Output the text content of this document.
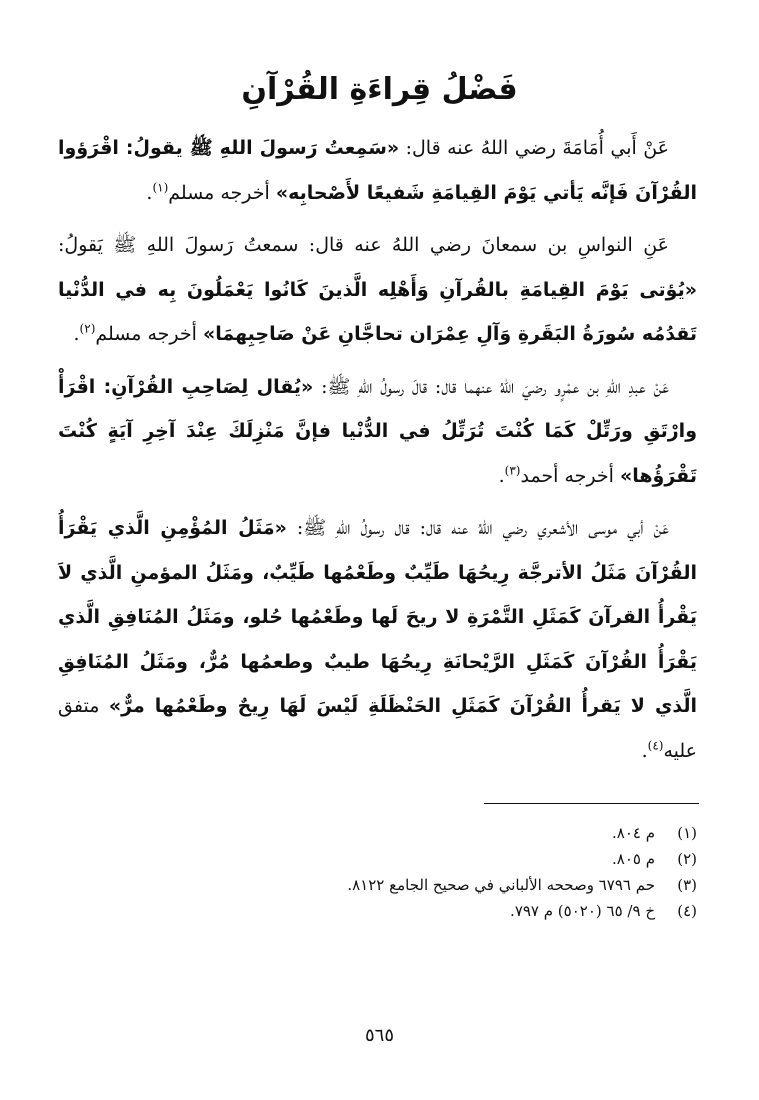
فَضْلُ قِراءَةِ القُرْآنِ

عَنْ أَبي أُمَامَةَ رضي اللهُ عنه قال: «سَمِعتُ رَسولَ اللهِ ﷺ يقولُ: اقْرَؤوا القُرْآنَ فَإنَّه يَأتي يَوْمَ القِيامَةِ شَفيعًا لأَصْحابِه» أخرجه مسلم$^{(١)}$.

عَنِ النواسِ بن سمعانَ رضي اللهُ عنه قال: سمعتُ رَسولَ اللهِ ﷺ يَقولُ: «يُؤتى يَوْمَ القِيامَةِ بالقُرآنِ وَأَهْلِه الَّذينَ كَانُوا يَعْمَلُونَ بِه في الدُّنْيا تَقدُمُه سُورَةُ البَقَرةِ وَآلِ عِمْرَان تحاجَّانِ عَنْ صَاحِبِهمَا» أخرجه مسلم$^{(٢)}$.

عَنْ عبدِ اللهِ بن عمْرٍو رضيَ اللهُ عنهما قال: قالَ رسولُ اللهِ ﷺ: «يُقال لِصَاحِبِ القُرْآنِ: اقْرَأْ وارْتَقِ ورَتِّلْ كَمَا كُنْتَ تُرَتِّلُ في الدُّنْيا فإنَّ مَنْزِلَكَ عِنْدَ آخِرِ آيَةٍ كُنْتَ تَقْرَؤُها» أخرجه أحمد$^{(٣)}$.

عَنْ أبي موسى الأشعري رضي اللهُ عنه قال: قال رسولُ اللهِ ﷺ: «مَثَلُ المُؤْمِنِ الَّذي يَقْرَأُ القُرْآنَ مَثَلُ الأترجَّة رِيحُهَا طَيِّبٌ وطَعْمُها طَيِّبٌ، ومَثَلُ المؤمنِ الَّذي لاَ يَقْرأُ القرآنَ كَمَثَلِ التَّمْرَةِ لا ريحَ لَها وطَعْمُها حُلو، ومَثَلُ المُنَافِقِ الَّذي يَقْرَأُ القُرْآنَ كَمَثَلِ الرَّيْحانَةِ رِيحُهَا طيبٌ وطعمُها مُرٌّ، ومَثَلُ المُنَافِقِ الَّذي لا يَقرأُ القُرْآنَ كَمَثَلِ الحَنْظَلَةِ لَيْسَ لَهَا رِيحٌ وطَعْمُها مرٌّ» متفق عليه$^{(٤)}$.

(١)
م ٨٠٤.
(٢)
م ٨٠٥.
(٣)
حم ٦٧٩٦ وصححه الألباني في صحيح الجامع ٨١٢٢.
(٤)
خ ٩/ ٦٥ (٥٠٢٠) م ٧٩٧.
٥٦٥
